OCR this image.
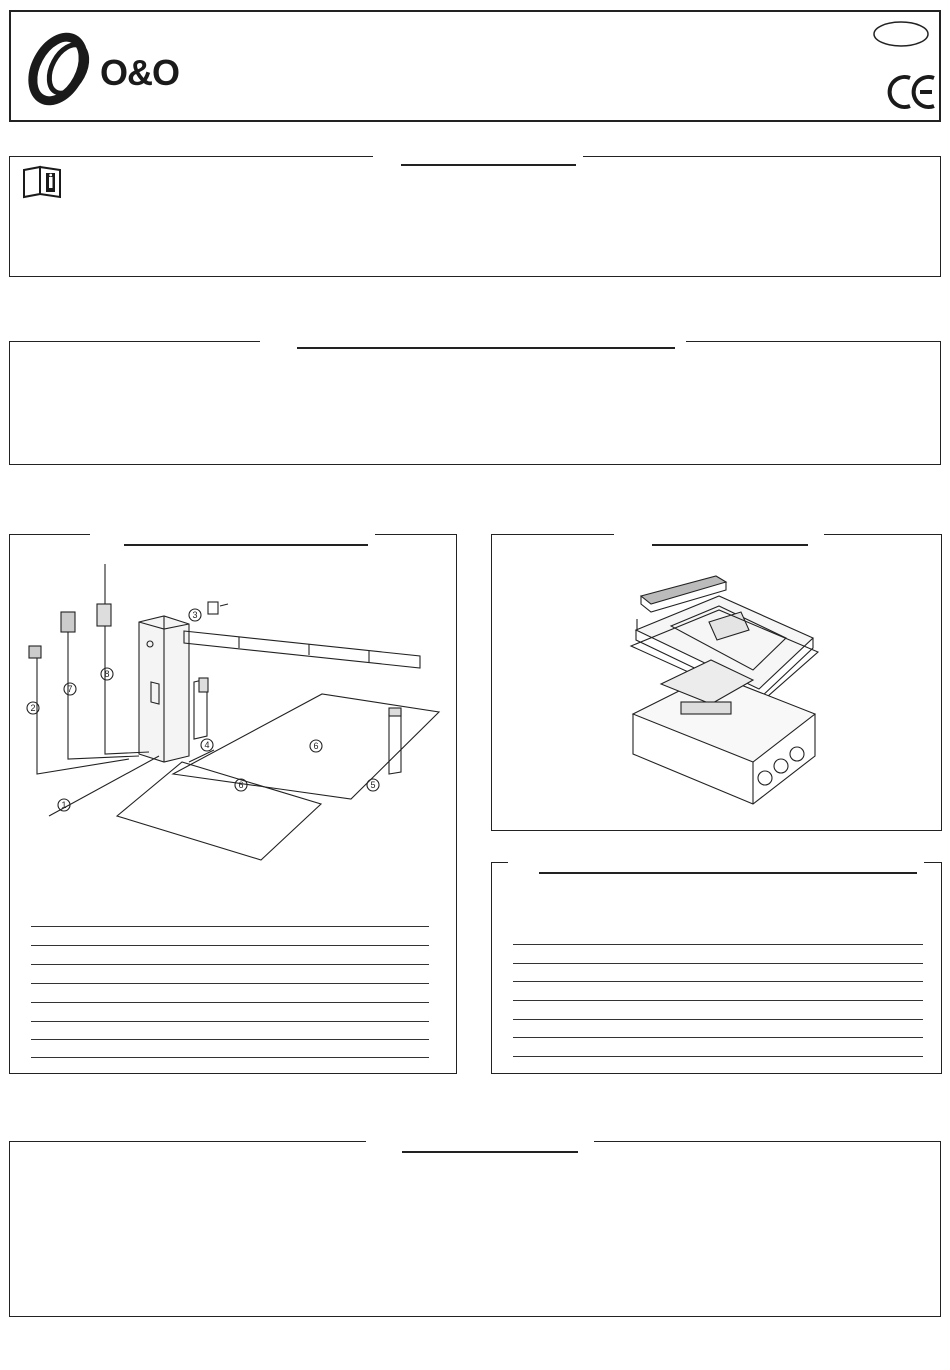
O&O
3
2
7
8
4	6
6	5
1
